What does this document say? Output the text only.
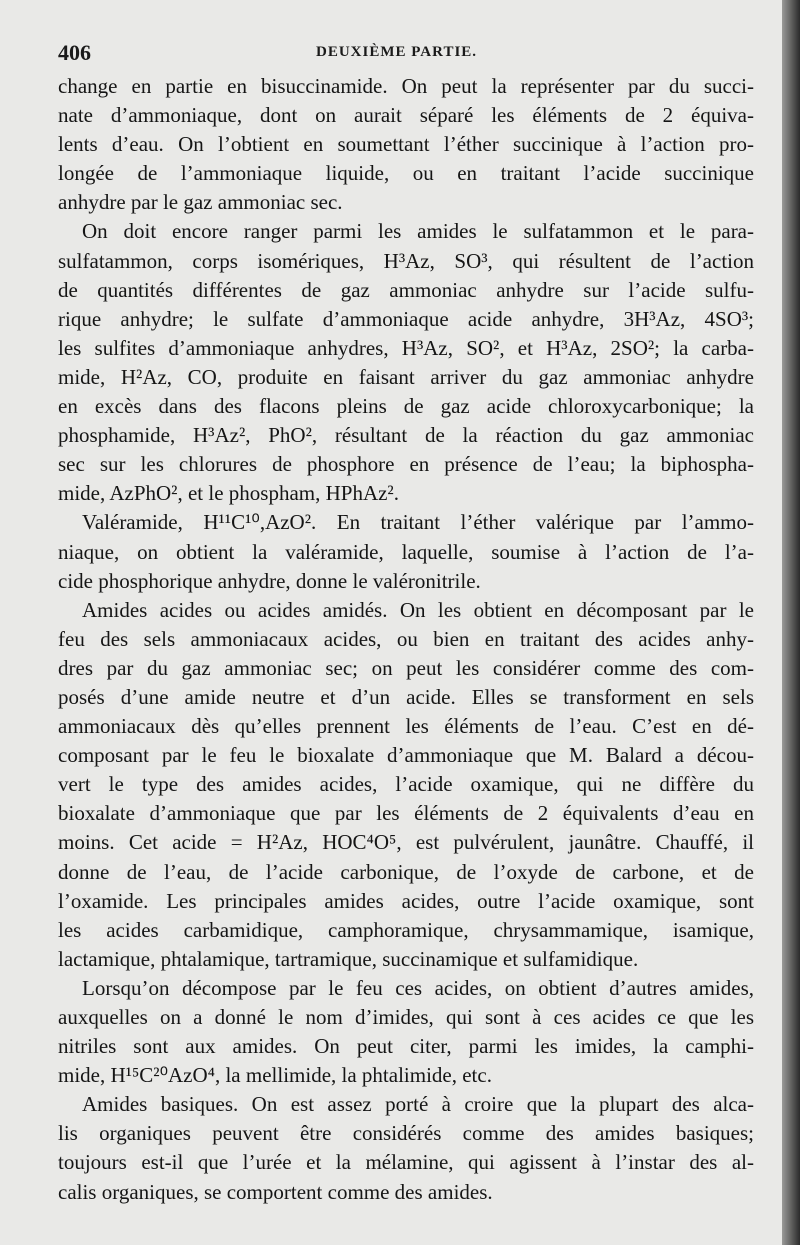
406	DEUXIÈME PARTIE.
change en partie en bisuccinamide. On peut la représenter par du succi-
nate d’ammoniaque, dont on aurait séparé les éléments de 2 équiva-
lents d’eau. On l’obtient en soumettant l’éther succinique à l’action pro-
longée de l’ammoniaque liquide, ou en traitant l’acide succinique
anhydre par le gaz ammoniac sec.
On doit encore ranger parmi les amides le sulfatammon et le para-
sulfatammon, corps isomériques, H³Az, SO³, qui résultent de l’action
de quantités différentes de gaz ammoniac anhydre sur l’acide sulfu-
rique anhydre; le sulfate d’ammoniaque acide anhydre, 3H³Az, 4SO³;
les sulfites d’ammoniaque anhydres, H³Az, SO², et H³Az, 2SO²; la carba-
mide, H²Az, CO, produite en faisant arriver du gaz ammoniac anhydre
en excès dans des flacons pleins de gaz acide chloroxycarbonique; la
phosphamide, H³Az², PhO², résultant de la réaction du gaz ammoniac
sec sur les chlorures de phosphore en présence de l’eau; la biphospha-
mide, AzPhO², et le phospham, HPhAz².
Valéramide, H¹¹C¹⁰,AzO². En traitant l’éther valérique par l’ammo-
niaque, on obtient la valéramide, laquelle, soumise à l’action de l’a-
cide phosphorique anhydre, donne le valéronitrile.
Amides acides ou acides amidés. On les obtient en décomposant par le
feu des sels ammoniacaux acides, ou bien en traitant des acides anhy-
dres par du gaz ammoniac sec; on peut les considérer comme des com-
posés d’une amide neutre et d’un acide. Elles se transforment en sels
ammoniacaux dès qu’elles prennent les éléments de l’eau. C’est en dé-
composant par le feu le bioxalate d’ammoniaque que M. Balard a décou-
vert le type des amides acides, l’acide oxamique, qui ne diffère du
bioxalate d’ammoniaque que par les éléments de 2 équivalents d’eau en
moins. Cet acide = H²Az, HOC⁴O⁵, est pulvérulent, jaunâtre. Chauffé, il
donne de l’eau, de l’acide carbonique, de l’oxyde de carbone, et de
l’oxamide. Les principales amides acides, outre l’acide oxamique, sont
les acides carbamidique, camphoramique, chrysammamique, isamique,
lactamique, phtalamique, tartramique, succinamique et sulfamidique.
Lorsqu’on décompose par le feu ces acides, on obtient d’autres amides,
auxquelles on a donné le nom d’imides, qui sont à ces acides ce que les
nitriles sont aux amides. On peut citer, parmi les imides, la camphi-
mide, H¹⁵C²⁰AzO⁴, la mellimide, la phtalimide, etc.
Amides basiques. On est assez porté à croire que la plupart des alca-
lis organiques peuvent être considérés comme des amides basiques;
toujours est-il que l’urée et la mélamine, qui agissent à l’instar des al-
calis organiques, se comportent comme des amides.
